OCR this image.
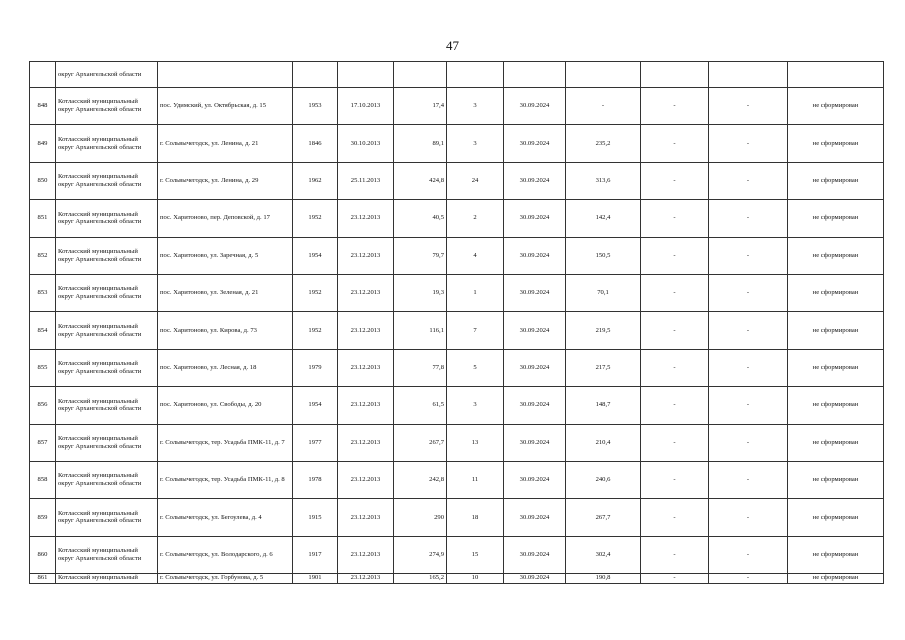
47
	округ Архангельской области										
848	Котласский муниципальный округ Архангельской области	пос. Удимский, ул. Октябрьская, д. 15	1953	17.10.2013	17,4	3	30.09.2024	-	-	-	не сформирован
849	Котласский муниципальный округ Архангельской области	г. Сольвычегодск, ул. Ленина, д. 21	1846	30.10.2013	89,1	3	30.09.2024	235,2	-	-	не сформирован
850	Котласский муниципальный округ Архангельской области	г. Сольвычегодск, ул. Ленина, д. 29	1962	25.11.2013	424,8	24	30.09.2024	313,6	-	-	не сформирован
851	Котласский муниципальный округ Архангельской области	пос. Харитоново, пер. Деповской, д. 17	1952	23.12.2013	40,5	2	30.09.2024	142,4	-	-	не сформирован
852	Котласский муниципальный округ Архангельской области	пос. Харитоново, ул. Заречная, д. 5	1954	23.12.2013	79,7	4	30.09.2024	150,5	-	-	не сформирован
853	Котласский муниципальный округ Архангельской области	пос. Харитоново, ул. Зеленая, д. 21	1952	23.12.2013	19,3	1	30.09.2024	70,1	-	-	не сформирован
854	Котласский муниципальный округ Архангельской области	пос. Харитоново, ул. Кирова, д. 73	1952	23.12.2013	116,1	7	30.09.2024	219,5	-	-	не сформирован
855	Котласский муниципальный округ Архангельской области	пос. Харитоново, ул. Лесная, д. 18	1979	23.12.2013	77,8	5	30.09.2024	217,5	-	-	не сформирован
856	Котласский муниципальный округ Архангельской области	пос. Харитоново, ул. Свободы, д. 20	1954	23.12.2013	61,5	3	30.09.2024	148,7	-	-	не сформирован
857	Котласский муниципальный округ Архангельской области	г. Сольвычегодск, тер. Усадьба ПМК-11, д. 7	1977	23.12.2013	267,7	13	30.09.2024	210,4	-	-	не сформирован
858	Котласский муниципальный округ Архангельской области	г. Сольвычегодск, тер. Усадьба ПМК-11, д. 8	1978	23.12.2013	242,8	11	30.09.2024	240,6	-	-	не сформирован
859	Котласский муниципальный округ Архангельской области	г. Сольвычегодск, ул. Бегоулева, д. 4	1915	23.12.2013	290	18	30.09.2024	267,7	-	-	не сформирован
860	Котласский муниципальный округ Архангельской области	г. Сольвычегодск, ул. Володарского, д. 6	1917	23.12.2013	274,9	15	30.09.2024	302,4	-	-	не сформирован
861	Котласский муниципальный	г. Сольвычегодск, ул. Горбунова, д. 5	1901	23.12.2013	165,2	10	30.09.2024	190,8	-	-	не сформирован
